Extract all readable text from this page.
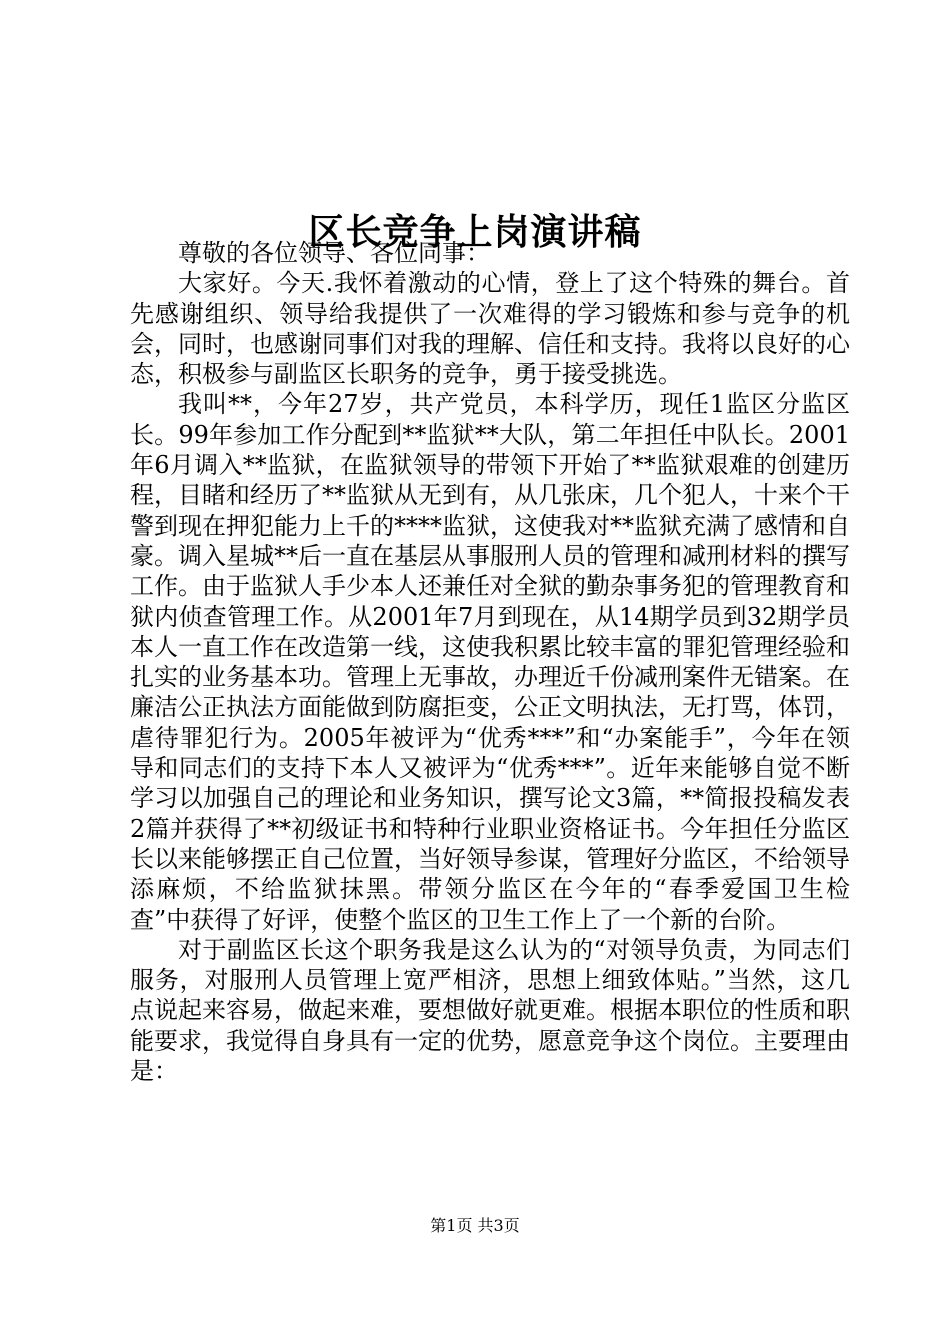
区长竞争上岗演讲稿

尊敬的各位领导、各位同事：

大家好。今天.我怀着激动的心情，登上了这个特殊的舞台。首先感谢组织、领导给我提供了一次难得的学习锻炼和参与竞争的机会，同时，也感谢同事们对我的理解、信任和支持。我将以良好的心态，积极参与副监区长职务的竞争，勇于接受挑选。

我叫**，今年27岁，共产党员，本科学历，现任1监区分监区长。99年参加工作分配到**监狱**大队，第二年担任中队长。2001年6月调入**监狱，在监狱领导的带领下开始了**监狱艰难的创建历程，目睹和经历了**监狱从无到有，从几张床，几个犯人，十来个干警到现在押犯能力上千的****监狱，这使我对**监狱充满了感情和自豪。调入星城**后一直在基层从事服刑人员的管理和减刑材料的撰写工作。由于监狱人手少本人还兼任对全狱的勤杂事务犯的管理教育和狱内侦查管理工作。从2001年7月到现在，从14期学员到32期学员本人一直工作在改造第一线，这使我积累比较丰富的罪犯管理经验和扎实的业务基本功。管理上无事故，办理近千份减刑案件无错案。在廉洁公正执法方面能做到防腐拒变，公正文明执法，无打骂，体罚，虐待罪犯行为。2005年被评为“优秀***”和“办案能手”，今年在领导和同志们的支持下本人又被评为“优秀***”。近年来能够自觉不断学习以加强自己的理论和业务知识，撰写论文3篇，**简报投稿发表2篇并获得了**初级证书和特种行业职业资格证书。今年担任分监区长以来能够摆正自己位置，当好领导参谋，管理好分监区，不给领导添麻烦，不给监狱抹黑。带领分监区在今年的“春季爱国卫生检查”中获得了好评，使整个监区的卫生工作上了一个新的台阶。

对于副监区长这个职务我是这么认为的“对领导负责，为同志们服务，对服刑人员管理上宽严相济，思想上细致体贴。”当然，这几点说起来容易，做起来难，要想做好就更难。根据本职位的性质和职能要求，我觉得自身具有一定的优势，愿意竞争这个岗位。主要理由是：

第1页 共3页
